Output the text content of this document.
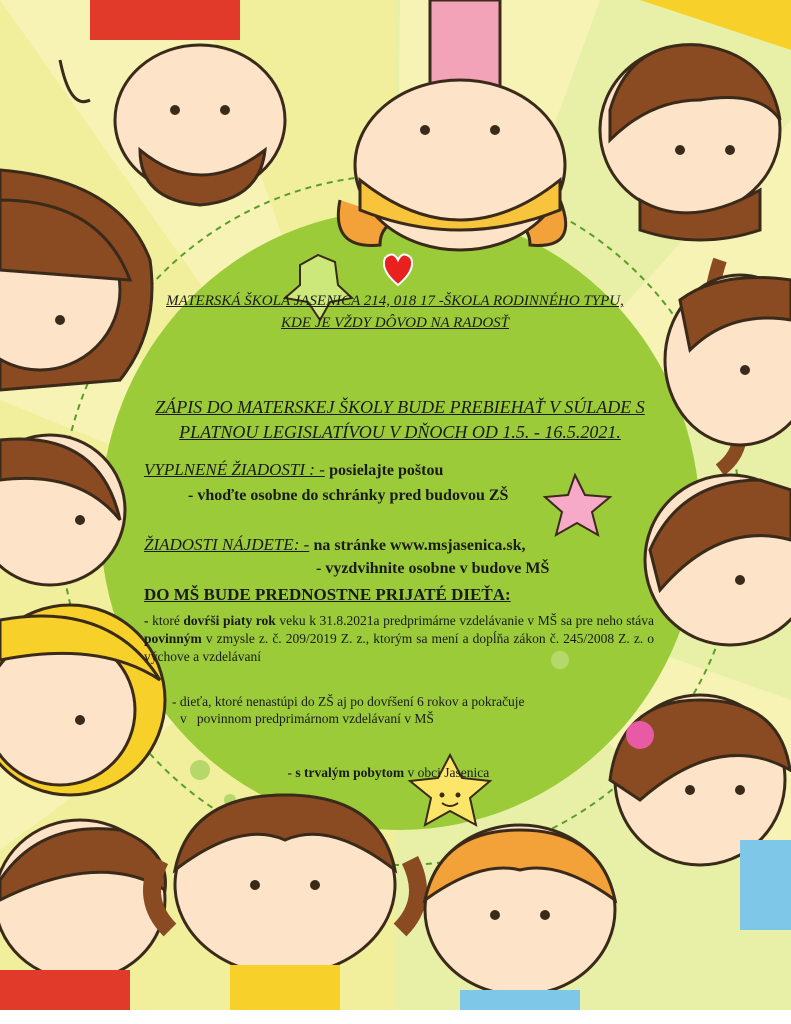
MATERSKÁ ŠKOLA JASENICA 214, 018 17 -ŠKOLA RODINNÉHO TYPU,
KDE JE VŽDY DÔVOD NA RADOSŤ
ZÁPIS DO MATERSKEJ ŠKOLY BUDE PREBIEHAŤ V SÚLADE S
PLATNOU LEGISLATÍVOU V DŇOCH OD 1.5. - 16.5.2021.
VYPLNENÉ ŽIADOSTI : - posielajte poštou
- vhoďte osobne do schránky pred budovou ZŠ
ŽIADOSTI NÁJDETE: - na stránke www.msjasenica.sk,
- vyzdvihnite osobne v budove MŠ
DO MŠ BUDE PREDNOSTNE PRIJATÉ DIEŤA:
- ktoré dovŕši piaty rok veku k 31.8.2021a predprimárne vzdelávanie v MŠ sa pre neho stáva povinným v zmysle z. č. 209/2019 Z. z., ktorým sa mení a dopĺňa zákon č. 245/2008 Z. z. o výchove a vzdelávaní
- dieťa, ktoré nenastúpi do ZŠ aj po dovŕšení 6 rokov a pokračuje
v   povinnom predprimárnom vzdelávaní v MŠ

- s trvalým pobytom v obci Jasenica
